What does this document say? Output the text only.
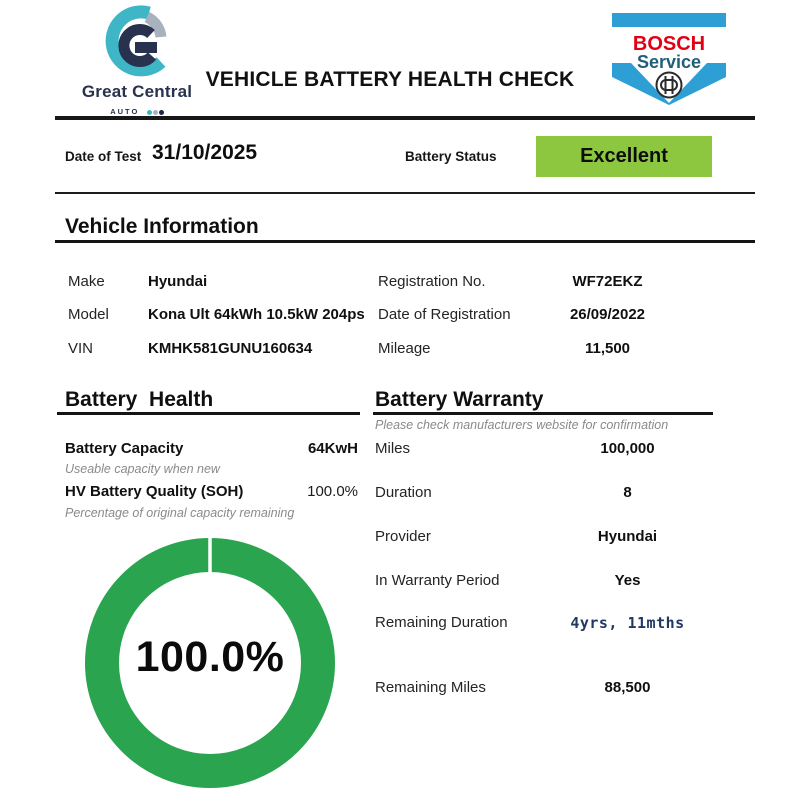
Great Central
AUTO
VEHICLE BATTERY HEALTH CHECK
BOSCH
Service
Date of Test 31/10/2025	Battery Status	Excellent
Vehicle Information
Make	Hyundai
Model	Kona Ult 64kWh 10.5kW 204ps
VIN	KMHK581GUNU160634
Registration No.	WF72EKZ
Date of Registration	26/09/2022
Mileage	11,500
Battery  Health
Battery Capacity	64KwH
Useable capacity when new
HV Battery Quality (SOH)	100.0%
Percentage of original capacity remaining
100.0%
Battery Warranty
Please check manufacturers website for confirmation
Miles	100,000
Duration	8
Provider	Hyundai
In Warranty Period	Yes
Remaining Duration	4yrs, 11mths
Remaining Miles	88,500
